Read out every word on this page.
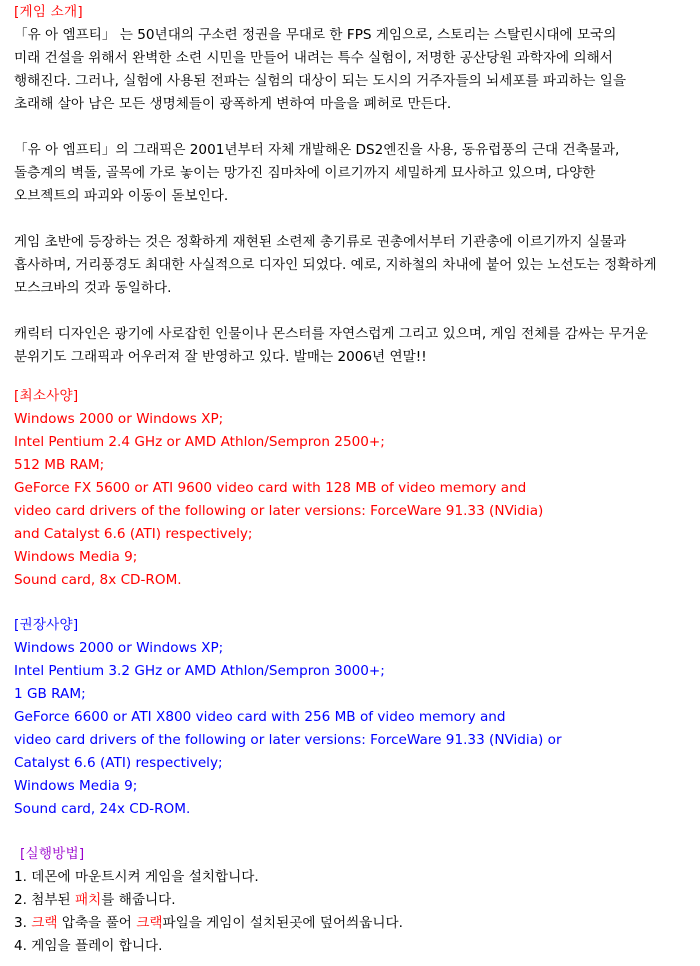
[게임 소개]
「유 아 엠프티」 는 50년대의 구소련 정권을 무대로 한 FPS 게임으로, 스토리는 스탈린시대에 모국의
미래 건설을 위해서 완벽한 소련 시민을 만들어 내려는 특수 실험이, 저명한 공산당원 과학자에 의해서
행해진다. 그러나, 실험에 사용된 전파는 실험의 대상이 되는 도시의 거주자들의 뇌세포를 파괴하는 일을
초래해 살아 남은 모든 생명체들이 광폭하게 변하여 마을을 폐허로 만든다.
「유 아 엠프티」의 그래픽은 2001년부터 자체 개발해온 DS2엔진을 사용, 동유럽풍의 근대 건축물과,
돌층계의 벽돌, 골목에 가로 놓이는 망가진 짐마차에 이르기까지 세밀하게 묘사하고 있으며, 다양한
오브젝트의 파괴와 이동이 돋보인다.
게임 초반에 등장하는 것은 정확하게 재현된 소련제 총기류로 권총에서부터 기관총에 이르기까지 실물과
흡사하며, 거리풍경도 최대한 사실적으로 디자인 되었다. 예로, 지하철의 차내에 붙어 있는 노선도는 정확하게
모스크바의 것과 동일하다.
캐릭터 디자인은 광기에 사로잡힌 인물이나 몬스터를 자연스럽게 그리고 있으며, 게임 전체를 감싸는 무거운
분위기도 그래픽과 어우러져 잘 반영하고 있다. 발매는 2006년 연말!!
[최소사양]
Windows 2000 or Windows XP;
Intel Pentium 2.4 GHz or AMD Athlon/Sempron 2500+;
512 MB RAM;
GeForce FX 5600 or ATI 9600 video card with 128 MB of video memory and
video card drivers of the following or later versions: ForceWare 91.33 (NVidia)
and Catalyst 6.6 (ATI) respectively;
Windows Media 9;
Sound card, 8x CD-ROM.
[권장사양]
Windows 2000 or Windows XP;
Intel Pentium 3.2 GHz or AMD Athlon/Sempron 3000+;
1 GB RAM;
GeForce 6600 or ATI X800 video card with 256 MB of video memory and
video card drivers of the following or later versions: ForceWare 91.33 (NVidia) or
Catalyst 6.6 (ATI) respectively;
Windows Media 9;
Sound card, 24x CD-ROM.
[실행방법]
1. 데몬에 마운트시켜 게임을 설치합니다.
2. 첨부된 패치를 해줍니다.
3. 크랙 압축을 풀어 크랙파일을 게임이 설치된곳에 덮어씌웁니다.
4. 게임을 플레이 합니다.
